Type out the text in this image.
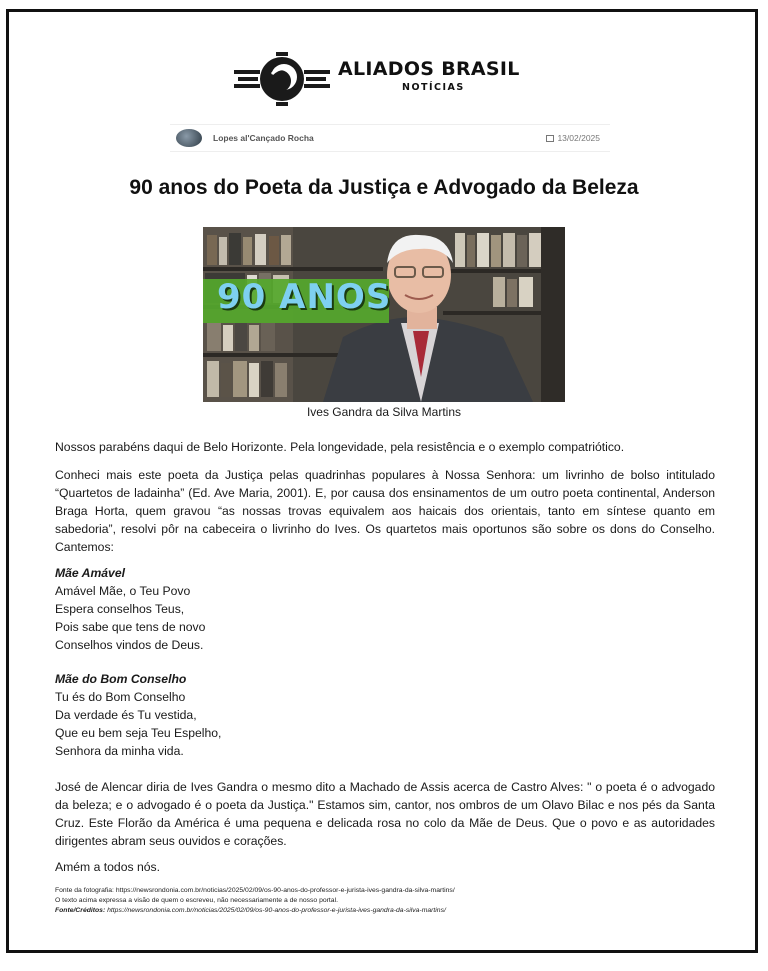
ALIADOS BRASIL
NOTÍCIAS
Lopes al'Cançado Rocha	13/02/2025
90 anos do Poeta da Justiça e Advogado da Beleza
90 ANOS
Ives Gandra da Silva Martins

Nossos parabéns daqui de Belo Horizonte. Pela longevidade, pela resistência e o exemplo compatriótico.

Conheci mais este poeta da Justiça pelas quadrinhas populares à Nossa Senhora: um livrinho de bolso intitulado “Quartetos de ladainha” (Ed. Ave Maria, 2001). E, por causa dos ensinamentos de um outro poeta continental, Anderson Braga Horta, quem gravou “as nossas trovas equivalem aos haicais dos orientais, tanto em síntese quanto em sabedoria”, resolvi pôr na cabeceira o livrinho do Ives. Os quartetos mais oportunos são sobre os dons do Conselho. Cantemos:

Mãe Amável
Amável Mãe, o Teu Povo
Espera conselhos Teus,
Pois sabe que tens de novo
Conselhos vindos de Deus.
Mãe do Bom Conselho
Tu és do Bom Conselho
Da verdade és Tu vestida,
Que eu bem seja Teu Espelho,
Senhora da minha vida.

José de Alencar diria de Ives Gandra o mesmo dito a Machado de Assis acerca de Castro Alves: " o poeta é o advogado da beleza; e o advogado é o poeta da Justiça." Estamos sim, cantor, nos ombros de um Olavo Bilac e nos pés da Santa Cruz. Este Florão da América é uma pequena e delicada rosa no colo da Mãe de Deus. Que o povo e as autoridades dirigentes abram seus ouvidos e corações.

Amém a todos nós.

Fonte da fotografia: https://newsrondonia.com.br/noticias/2025/02/09/os-90-anos-do-professor-e-jurista-ives-gandra-da-silva-martins/
O texto acima expressa a visão de quem o escreveu, não necessariamente a de nosso portal.
Fonte/Créditos: https://newsrondonia.com.br/noticias/2025/02/09/os-90-anos-do-professor-e-jurista-ives-gandra-da-silva-martins/
